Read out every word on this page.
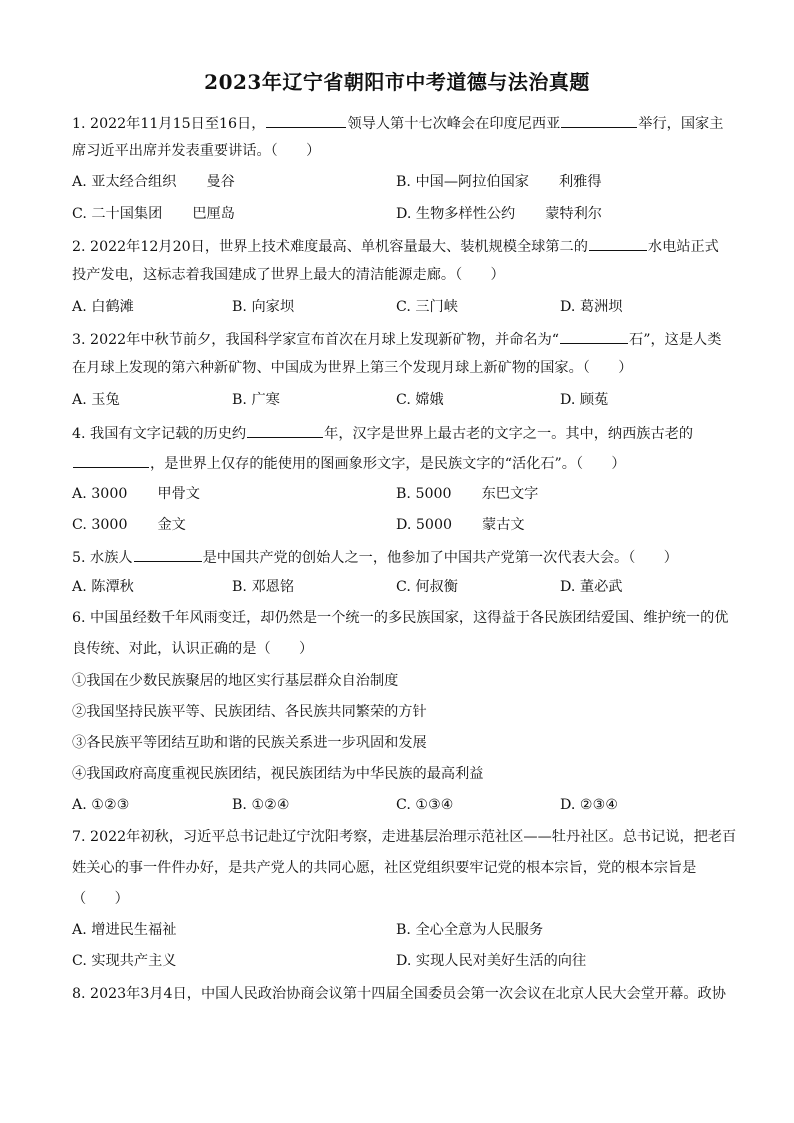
2023年辽宁省朝阳市中考道德与法治真题
1. 2022年11月15日至16日，	领导人第十七次峰会在印度尼西亚	举行，国家主
席习近平出席并发表重要讲话。（　　）
A. 亚太经合组织 曼谷	B. 中国—阿拉伯国家 利雅得
C. 二十国集团 巴厘岛	D. 生物多样性公约 蒙特利尔
2. 2022年12月20日，世界上技术难度最高、单机容量最大、装机规模全球第二的	水电站正式
投产发电，这标志着我国建成了世界上最大的清洁能源走廊。（　　）
A. 白鹤滩	B. 向家坝	C. 三门峡	D. 葛洲坝
3. 2022年中秋节前夕，我国科学家宣布首次在月球上发现新矿物，并命名为“	石”，这是人类
在月球上发现的第六种新矿物、中国成为世界上第三个发现月球上新矿物的国家。（　　）
A. 玉兔	B. 广寒	C. 嫦娥	D. 顾菟
4. 我国有文字记载的历史约	年，汉字是世界上最古老的文字之一。其中，纳西族古老的
，是世界上仅存的能使用的图画象形文字，是民族文字的“活化石”。（　　）
A. 3000 甲骨文	B. 5000 东巴文字
C. 3000 金文	D. 5000 蒙古文
5. 水族人	是中国共产党的创始人之一，他参加了中国共产党第一次代表大会。（　　）
A. 陈潭秋	B. 邓恩铭	C. 何叔衡	D. 董必武
6. 中国虽经数千年风雨变迁，却仍然是一个统一的多民族国家，这得益于各民族团结爱国、维护统一的优
良传统、对此，认识正确的是（　　）
①我国在少数民族聚居的地区实行基层群众自治制度
②我国坚持民族平等、民族团结、各民族共同繁荣的方针
③各民族平等团结互助和谐的民族关系进一步巩固和发展
④我国政府高度重视民族团结，视民族团结为中华民族的最高利益
A. ①②③	B. ①②④	C. ①③④	D. ②③④
7. 2022年初秋，习近平总书记赴辽宁沈阳考察，走进基层治理示范社区——牡丹社区。总书记说，把老百
姓关心的事一件件办好，是共产党人的共同心愿，社区党组织要牢记党的根本宗旨，党的根本宗旨是
（　　）
A. 增进民生福祉	B. 全心全意为人民服务
C. 实现共产主义	D. 实现人民对美好生活的向往
8. 2023年3月4日，中国人民政治协商会议第十四届全国委员会第一次会议在北京人民大会堂开幕。政协
